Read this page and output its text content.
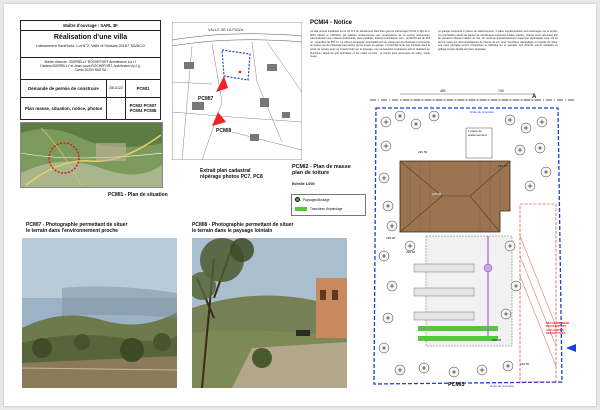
Maître d'ouvrage : SARL 3F
Réalisation d'une villa
Lotissement Santl'Ines, Lot N°2, Valle di Siniscia 20167 TAVACO
Maître d'œuvre : BORRELLY ROCHEFORT Architecture s.a.r.l.
Daniela BORRELLY et Jean-Louis ROCHEFORT, Architectes d.p.l.g.
Cardo 20200 BASTIA
Demande de permis de construire	28/11/22	PCMI1
Plan masse, situation, notice, photos	PCMI2 PCMI7
PCMI4 PCMI8
PCMI1 - Plan de situation
VALLE DE LA PIAZA
PCMI7
PCMI8
Extrait plan cadastral
répérage photos PC7, PC8
PCMI4 - Notice
La villa prévue implantée sur le lot N°2 du lotissement Sant'Ines (permis d'aménager PA 02 A 323 21 A 0001 délivré le 21/04/21) est réalisée conformément aux prescriptions de ce permis d'aménager (raccordement aux réseaux d'électricité, eaux potables, télécommunications, etc.). La SHON est de 216 m² ; superficie de 837 m². La villa se développe essentiellement au niveau rez-de-chaussée et comporte un niveau rez-de-chaussée bas partiel, qui se trouve en garage. L'ensemble reste très implanté dans la pente du terrain, avec un impact limité sur le paysage. Les menuiseries extérieures seront réalisées en aluminium laqué de gris anthracite et les volets en bois ; la toiture sera recouverte de tuiles, teinte rouge.
Le garage comprend 2 places de stationnement, 1 place supplémentaire sera aménagée sur le terrain. Le propriétaire prévoit de planter de nombreuses essences locales (oliviers, chênes verts, arbustes) afin de préserver l'aspect naturel du site. Un système d'assainissement autonome (épandage) sera mis en œuvre selon les recommandations de l'étude de sol, avec tranchées d'épandage et regards de visite. Les eaux pluviales seront récupérées et infiltrées sur la parcelle. Les clôtures seront réalisées en grillage souple doublé de haies végétales.
PCMI2 - Plan de masse
plan de toiture
Echelle 1/200
Paysages/Boulage
Tranchées d'épandage
A
480	740
limite de propriété
limite de propriété
1 place de
stationnement
1/PCM
RECUL MINIMUM
PAR RAPPORT
AUX LIMITES
SEPARATIVES
236.50
244.72
238.00
239.62
236.38
229.50
PCMI3
PCMI7 - Photographie permettant de situer
le terrain dans l'environnement proche
PCMI8 - Photographie permettant de situer
le terrain dans le paysage lointain
